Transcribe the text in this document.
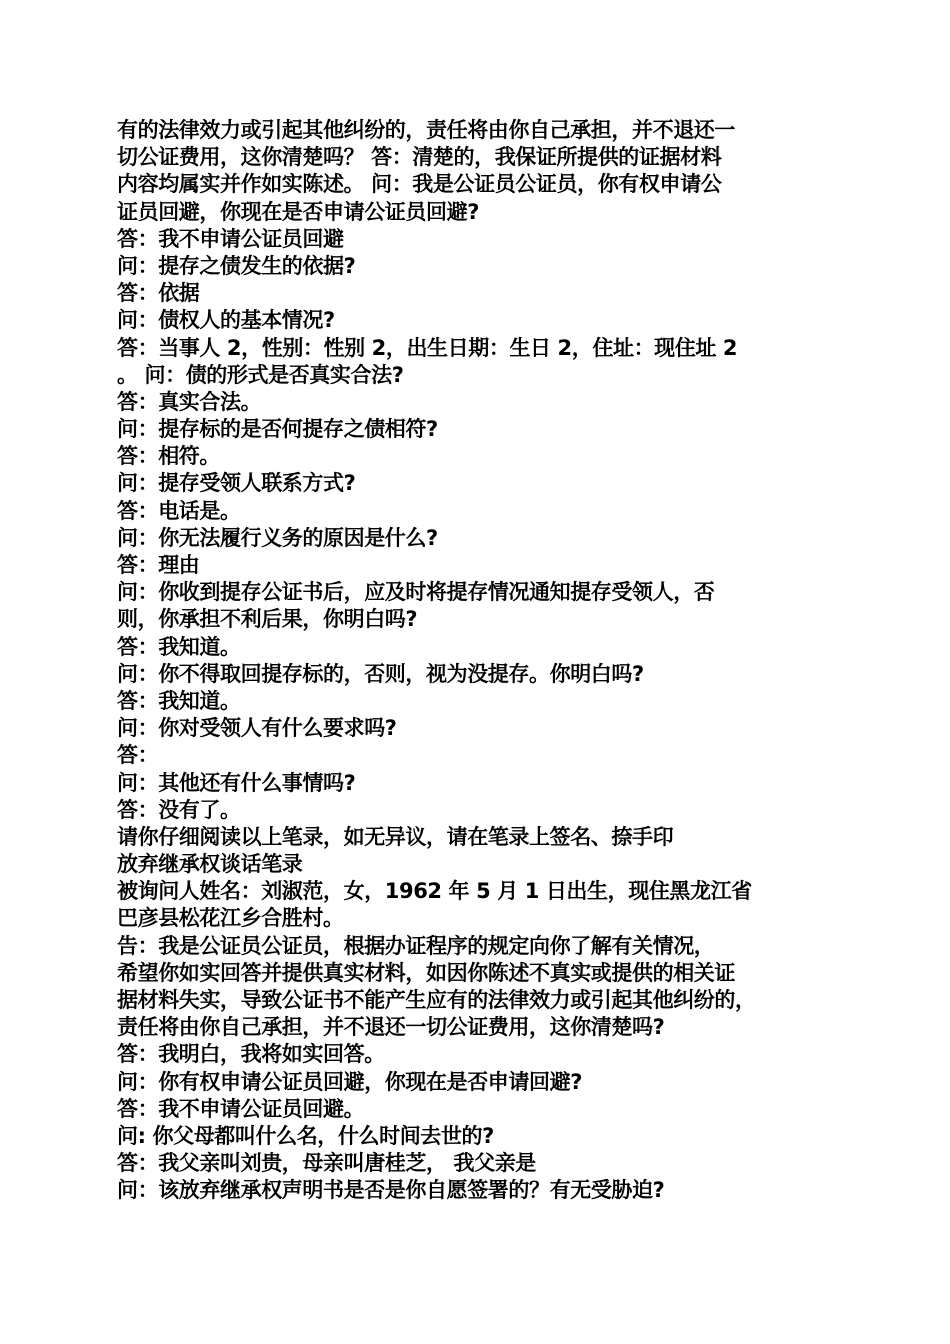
有的法律效力或引起其他纠纷的，责任将由你自己承担，并不退还一
切公证费用，这你清楚吗？ 答：清楚的，我保证所提供的证据材料
内容均属实并作如实陈述。 问：我是公证员公证员，你有权申请公
证员回避，你现在是否申请公证员回避?
答：我不申请公证员回避
问：提存之债发生的依据?
答：依据
问：债权人的基本情况?
答：当事人 2，性别：性别 2，出生日期：生日 2，住址：现住址 2
。 问：债的形式是否真实合法?
答：真实合法。
问：提存标的是否何提存之债相符?
答：相符。
问：提存受领人联系方式?
答：电话是。
问：你无法履行义务的原因是什么?
答：理由
问：你收到提存公证书后，应及时将提存情况通知提存受领人，否
则，你承担不利后果，你明白吗?
答：我知道。
问：你不得取回提存标的，否则，视为没提存。你明白吗?
答：我知道。
问：你对受领人有什么要求吗?
答：
问：其他还有什么事情吗?
答：没有了。
请你仔细阅读以上笔录，如无异议，请在笔录上签名、捺手印
放弃继承权谈话笔录
被询问人姓名：刘淑范，女，1962 年 5 月 1 日出生，现住黑龙江省
巴彦县松花江乡合胜村。
告：我是公证员公证员，根据办证程序的规定向你了解有关情况，
希望你如实回答并提供真实材料，如因你陈述不真实或提供的相关证
据材料失实，导致公证书不能产生应有的法律效力或引起其他纠纷的，
责任将由你自己承担，并不退还一切公证费用，这你清楚吗?
答：我明白，我将如实回答。
问：你有权申请公证员回避，你现在是否申请回避?
答：我不申请公证员回避。
问: 你父母都叫什么名，什么时间去世的?
答：我父亲叫刘贵，母亲叫唐桂芝， 我父亲是
问：该放弃继承权声明书是否是你自愿签署的？有无受胁迫?
